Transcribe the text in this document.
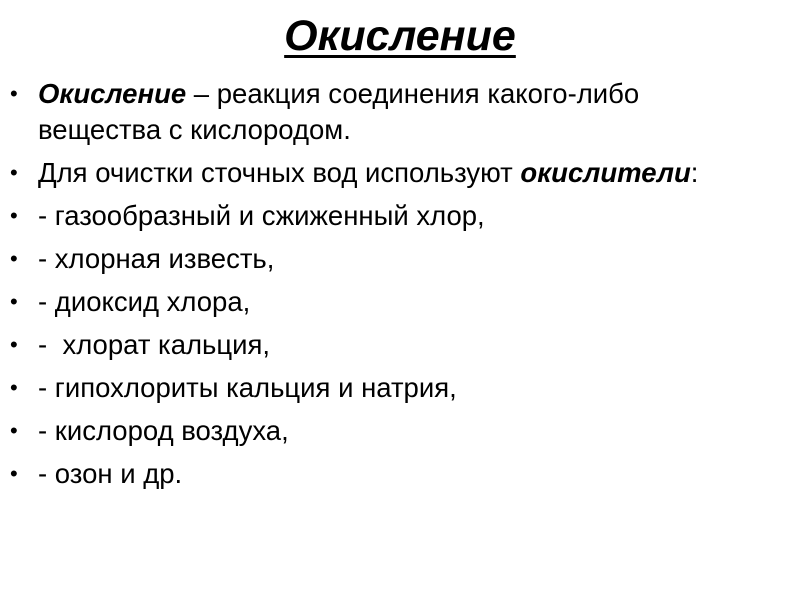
Окисление
• Окисление – реакция соединения какого-либо вещества с кислородом.
• Для очистки сточных вод используют окислители:
• - газообразный и сжиженный хлор,
• - хлорная известь,
• - диоксид хлора,
• -  хлорат кальция,
• - гипохлориты кальция и натрия,
• - кислород воздуха,
• - озон и др.
